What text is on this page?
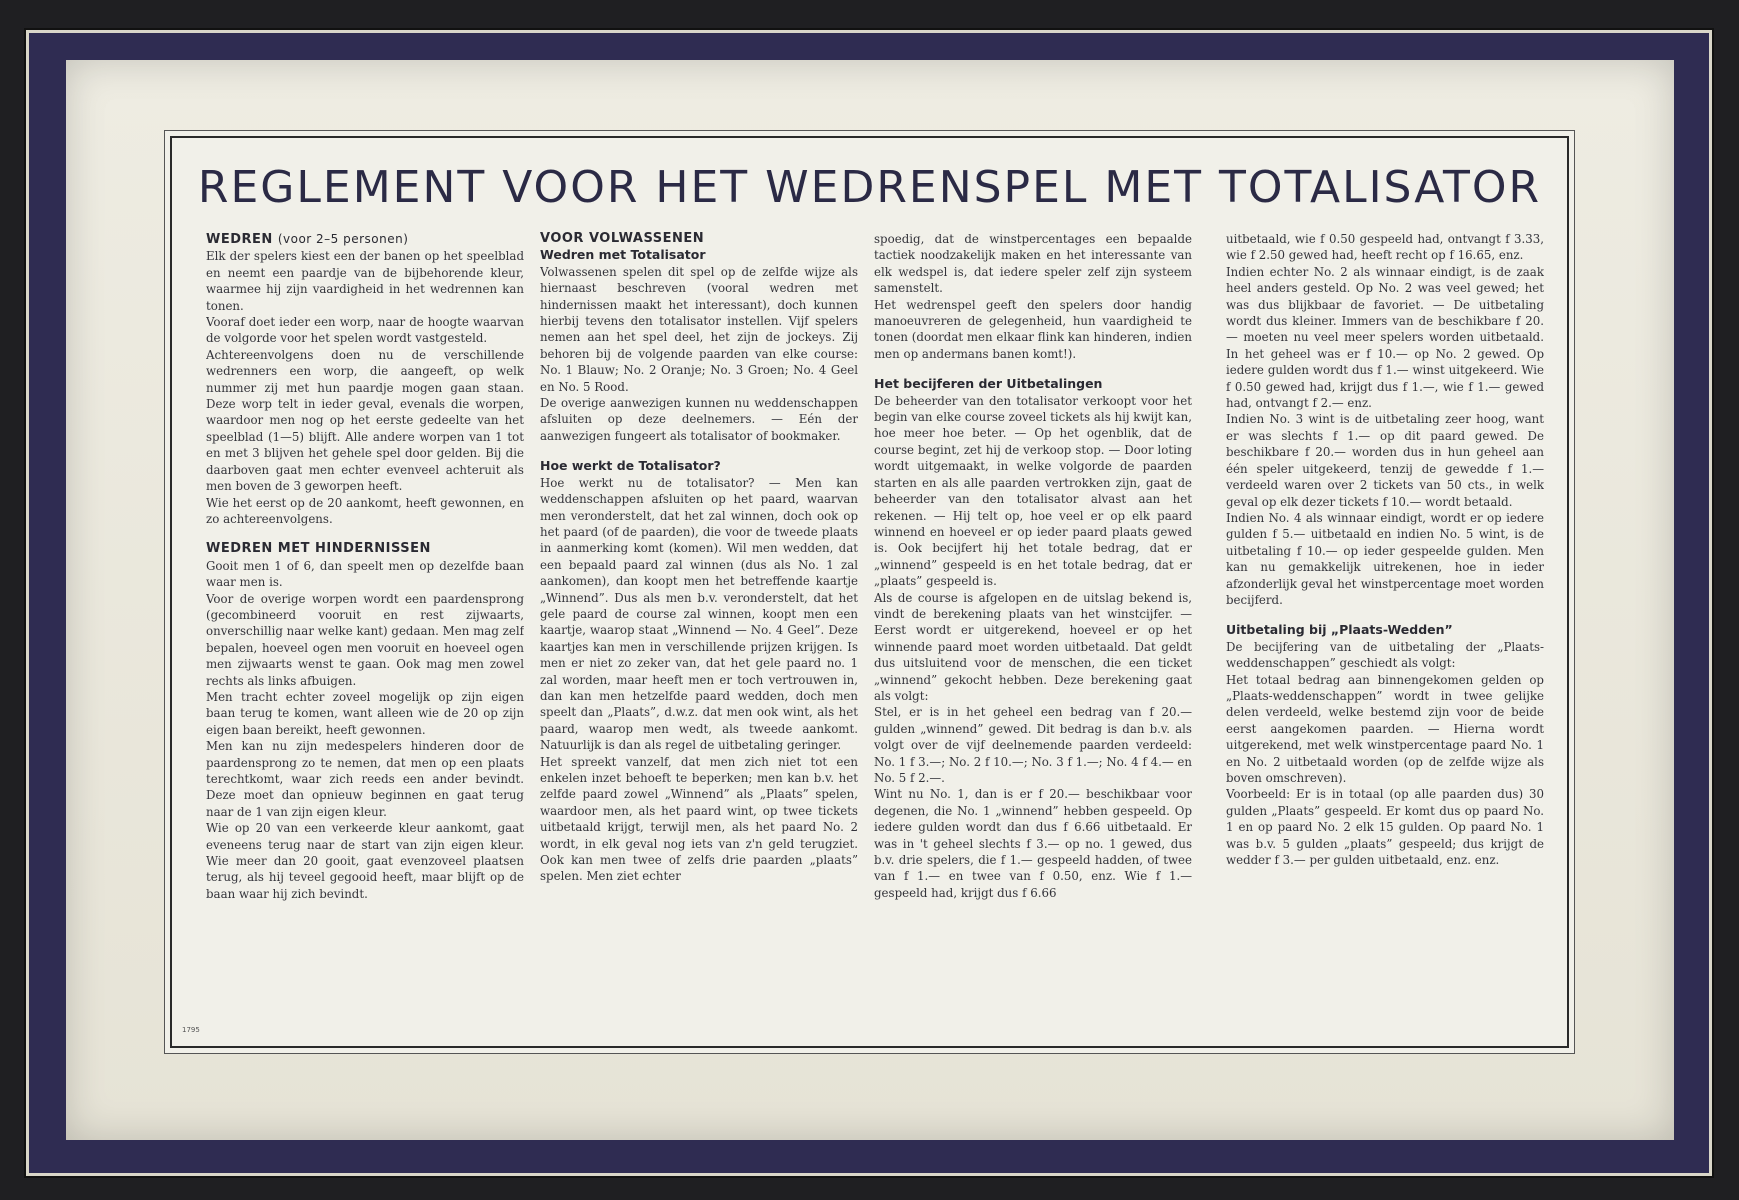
REGLEMENT VOOR HET WEDRENSPEL MET TOTALISATOR
WEDREN (voor 2–5 personen)

Elk der spelers kiest een der banen op het speelblad en neemt een paardje van de bijbehorende kleur, waarmee hij zijn vaardigheid in het wedrennen kan tonen.

Vooraf doet ieder een worp, naar de hoogte waarvan de volgorde voor het spelen wordt vastgesteld.

Achtereenvolgens doen nu de verschillende wedrenners een worp, die aangeeft, op welk nummer zij met hun paardje mogen gaan staan. Deze worp telt in ieder geval, evenals die worpen, waardoor men nog op het eerste gedeelte van het speelblad (1—5) blijft. Alle andere worpen van 1 tot en met 3 blijven het gehele spel door gelden. Bij die daarboven gaat men echter evenveel achteruit als men boven de 3 geworpen heeft.

Wie het eerst op de 20 aankomt, heeft gewonnen, en zo achtereenvolgens.

WEDREN MET HINDERNISSEN

Gooit men 1 of 6, dan speelt men op dezelfde baan waar men is.

Voor de overige worpen wordt een paardensprong (gecombineerd vooruit en rest zijwaarts, onverschillig naar welke kant) gedaan. Men mag zelf bepalen, hoeveel ogen men vooruit en hoeveel ogen men zijwaarts wenst te gaan. Ook mag men zowel rechts als links afbuigen.

Men tracht echter zoveel mogelijk op zijn eigen baan terug te komen, want alleen wie de 20 op zijn eigen baan bereikt, heeft gewonnen.

Men kan nu zijn medespelers hinderen door de paardensprong zo te nemen, dat men op een plaats terechtkomt, waar zich reeds een ander bevindt. Deze moet dan opnieuw beginnen en gaat terug naar de 1 van zijn eigen kleur.

Wie op 20 van een verkeerde kleur aankomt, gaat eveneens terug naar de start van zijn eigen kleur. Wie meer dan 20 gooit, gaat evenzoveel plaatsen terug, als hij teveel gegooid heeft, maar blijft op de baan waar hij zich bevindt.

VOOR VOLWASSENEN
Wedren met Totalisator

Volwassenen spelen dit spel op de zelfde wijze als hiernaast beschreven (vooral wedren met hindernissen maakt het interessant), doch kunnen hierbij tevens den totalisator instellen. Vijf spelers nemen aan het spel deel, het zijn de jockeys. Zij behoren bij de volgende paarden van elke course: No. 1 Blauw; No. 2 Oranje; No. 3 Groen; No. 4 Geel en No. 5 Rood.

De overige aanwezigen kunnen nu weddenschappen afsluiten op deze deelnemers. — Eén der aanwezigen fungeert als totalisator of bookmaker.

Hoe werkt de Totalisator?

Hoe werkt nu de totalisator? — Men kan weddenschappen afsluiten op het paard, waarvan men veronderstelt, dat het zal winnen, doch ook op het paard (of de paarden), die voor de tweede plaats in aanmerking komt (komen). Wil men wedden, dat een bepaald paard zal winnen (dus als No. 1 zal aankomen), dan koopt men het betreffende kaartje „Winnend”. Dus als men b.v. veronderstelt, dat het gele paard de course zal winnen, koopt men een kaartje, waarop staat „Winnend — No. 4 Geel”. Deze kaartjes kan men in verschillende prijzen krijgen. Is men er niet zo zeker van, dat het gele paard no. 1 zal worden, maar heeft men er toch vertrouwen in, dan kan men hetzelfde paard wedden, doch men speelt dan „Plaats”, d.w.z. dat men ook wint, als het paard, waarop men wedt, als tweede aankomt. Natuurlijk is dan als regel de uitbetaling geringer.

Het spreekt vanzelf, dat men zich niet tot een enkelen inzet behoeft te beperken; men kan b.v. het zelfde paard zowel „Winnend” als „Plaats” spelen, waardoor men, als het paard wint, op twee tickets uitbetaald krijgt, terwijl men, als het paard No. 2 wordt, in elk geval nog iets van z'n geld terugziet. Ook kan men twee of zelfs drie paarden „plaats” spelen. Men ziet echter

spoedig, dat de winstpercentages een bepaalde tactiek noodzakelijk maken en het interessante van elk wedspel is, dat iedere speler zelf zijn systeem samenstelt.

Het wedrenspel geeft den spelers door handig manoeuvreren de gelegenheid, hun vaardigheid te tonen (doordat men elkaar flink kan hinderen, indien men op andermans banen komt!).

Het becijferen der Uitbetalingen

De beheerder van den totalisator verkoopt voor het begin van elke course zoveel tickets als hij kwijt kan, hoe meer hoe beter. — Op het ogenblik, dat de course begint, zet hij de verkoop stop. — Door loting wordt uitgemaakt, in welke volgorde de paarden starten en als alle paarden vertrokken zijn, gaat de beheerder van den totalisator alvast aan het rekenen. — Hij telt op, hoe veel er op elk paard winnend en hoeveel er op ieder paard plaats gewed is. Ook becijfert hij het totale bedrag, dat er „winnend” gespeeld is en het totale bedrag, dat er „plaats” gespeeld is.

Als de course is afgelopen en de uitslag bekend is, vindt de berekening plaats van het winstcijfer. — Eerst wordt er uitgerekend, hoeveel er op het winnende paard moet worden uitbetaald. Dat geldt dus uitsluitend voor de menschen, die een ticket „winnend” gekocht hebben. Deze berekening gaat als volgt:

Stel, er is in het geheel een bedrag van f 20.— gulden „winnend” gewed. Dit bedrag is dan b.v. als volgt over de vijf deelnemende paarden verdeeld: No. 1 f 3.—; No. 2 f 10.—; No. 3 f 1.—; No. 4 f 4.— en No. 5 f 2.—.

Wint nu No. 1, dan is er f 20.— beschikbaar voor degenen, die No. 1 „winnend” hebben gespeeld. Op iedere gulden wordt dan dus f 6.66 uitbetaald. Er was in 't geheel slechts f 3.— op no. 1 gewed, dus b.v. drie spelers, die f 1.— gespeeld hadden, of twee van f 1.— en twee van f 0.50, enz. Wie f 1.— gespeeld had, krijgt dus f 6.66

uitbetaald, wie f 0.50 gespeeld had, ontvangt f 3.33, wie f 2.50 gewed had, heeft recht op f 16.65, enz.

Indien echter No. 2 als winnaar eindigt, is de zaak heel anders gesteld. Op No. 2 was veel gewed; het was dus blijkbaar de favoriet. — De uitbetaling wordt dus kleiner. Immers van de beschikbare f 20.— moeten nu veel meer spelers worden uitbetaald. In het geheel was er f 10.— op No. 2 gewed. Op iedere gulden wordt dus f 1.— winst uitgekeerd. Wie f 0.50 gewed had, krijgt dus f 1.—, wie f 1.— gewed had, ontvangt f 2.— enz.

Indien No. 3 wint is de uitbetaling zeer hoog, want er was slechts f 1.— op dit paard gewed. De beschikbare f 20.— worden dus in hun geheel aan één speler uitgekeerd, tenzij de gewedde f 1.— verdeeld waren over 2 tickets van 50 cts., in welk geval op elk dezer tickets f 10.— wordt betaald.

Indien No. 4 als winnaar eindigt, wordt er op iedere gulden f 5.— uitbetaald en indien No. 5 wint, is de uitbetaling f 10.— op ieder gespeelde gulden. Men kan nu gemakkelijk uitrekenen, hoe in ieder afzonderlijk geval het winstpercentage moet worden becijferd.

Uitbetaling bij „Plaats-Wedden”

De becijfering van de uitbetaling der „Plaats-weddenschappen” geschiedt als volgt:

Het totaal bedrag aan binnengekomen gelden op „Plaats-weddenschappen” wordt in twee gelijke delen verdeeld, welke bestemd zijn voor de beide eerst aangekomen paarden. — Hierna wordt uitgerekend, met welk winstpercentage paard No. 1 en No. 2 uitbetaald worden (op de zelfde wijze als boven omschreven).

Voorbeeld: Er is in totaal (op alle paarden dus) 30 gulden „Plaats” gespeeld. Er komt dus op paard No. 1 en op paard No. 2 elk 15 gulden. Op paard No. 1 was b.v. 5 gulden „plaats” gespeeld; dus krijgt de wedder f 3.— per gulden uitbetaald, enz. enz.

1795
